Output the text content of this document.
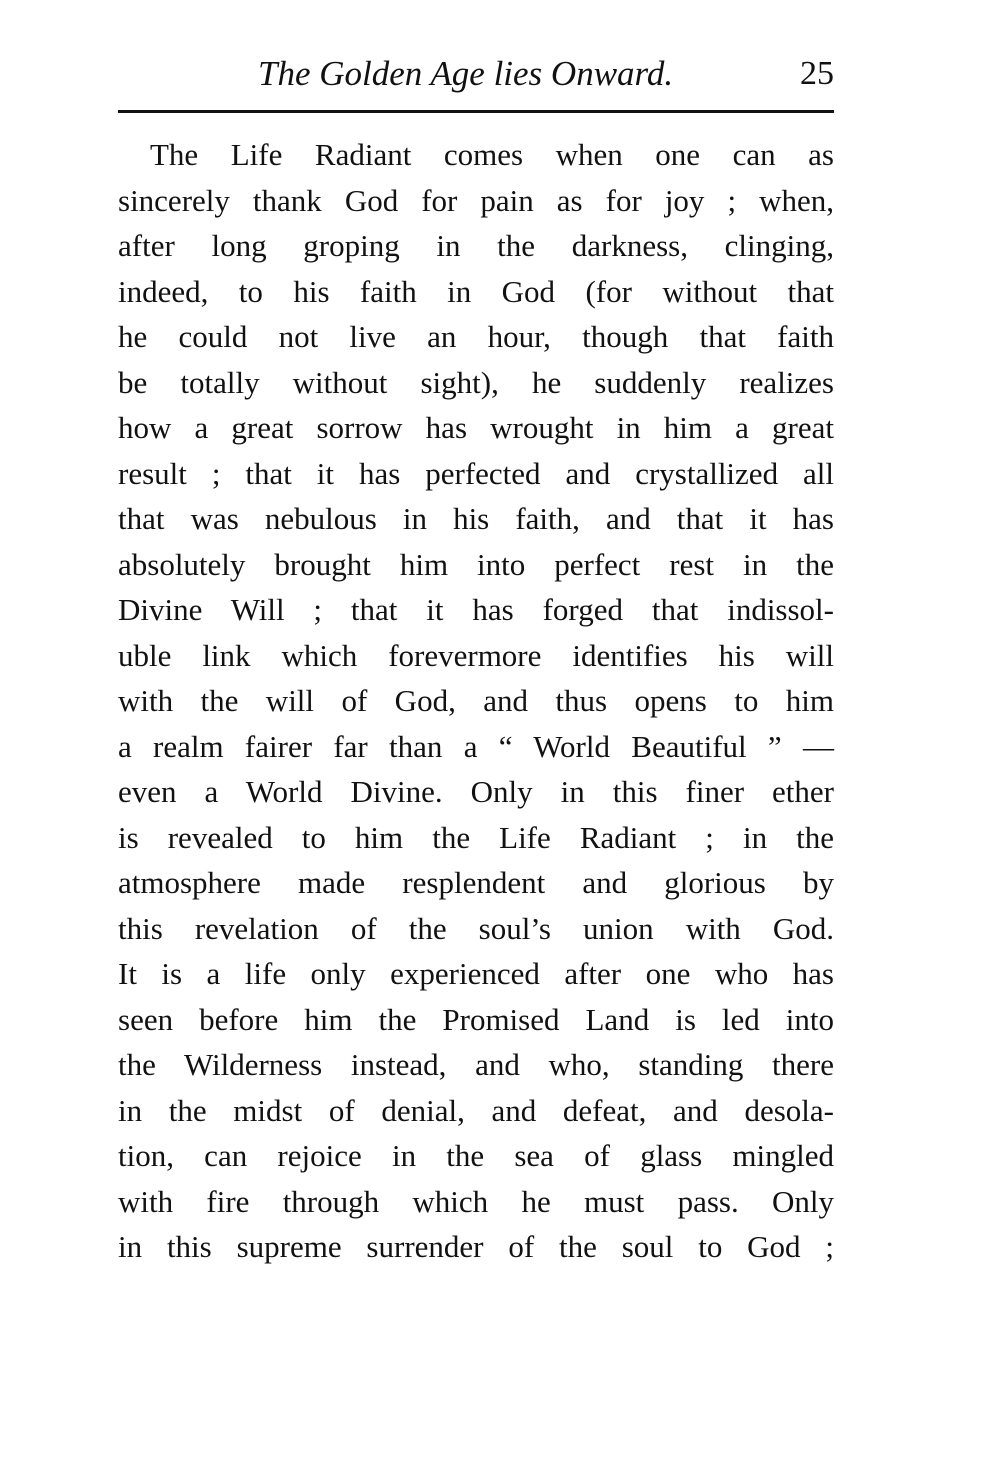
The Golden Age lies Onward.	25
The Life Radiant comes when one can as
sincerely thank God for pain as for joy ; when,
after long groping in the darkness, clinging,
indeed, to his faith in God (for without that
he could not live an hour, though that faith
be totally without sight), he suddenly realizes
how a great sorrow has wrought in him a great
result ; that it has perfected and crystallized all
that was nebulous in his faith, and that it has
absolutely brought him into perfect rest in the
Divine Will ; that it has forged that indissol-
uble link which forevermore identifies his will
with the will of God, and thus opens to him
a realm fairer far than a “ World Beautiful ” —
even a World Divine. Only in this finer ether
is revealed to him the Life Radiant ; in the
atmosphere made resplendent and glorious by
this revelation of the soul’s union with God.
It is a life only experienced after one who has
seen before him the Promised Land is led into
the Wilderness instead, and who, standing there
in the midst of denial, and defeat, and desola-
tion, can rejoice in the sea of glass mingled
with fire through which he must pass. Only
in this supreme surrender of the soul to God ;
